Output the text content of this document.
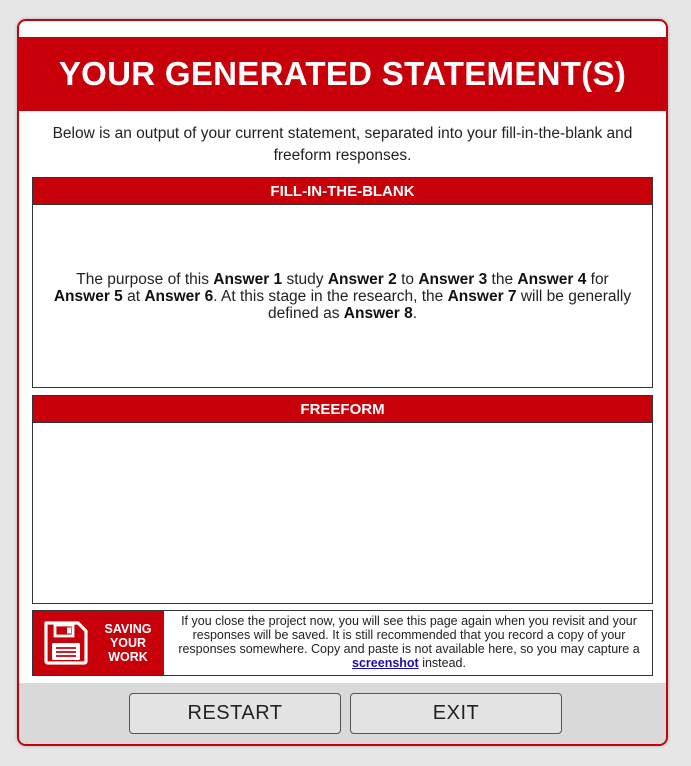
YOUR GENERATED STATEMENT(S)
Below is an output of your current statement, separated into your fill-in-the-blank and freeform responses.
FILL-IN-THE-BLANK
The purpose of this Answer 1 study Answer 2 to Answer 3 the Answer 4 for Answer 5 at Answer 6. At this stage in the research, the Answer 7 will be generally defined as Answer 8.
FREEFORM
SAVING YOUR WORK
If you close the project now, you will see this page again when you revisit and your responses will be saved. It is still recommended that you record a copy of your responses somewhere. Copy and paste is not available here, so you may capture a screenshot instead.
RESTART	EXIT
